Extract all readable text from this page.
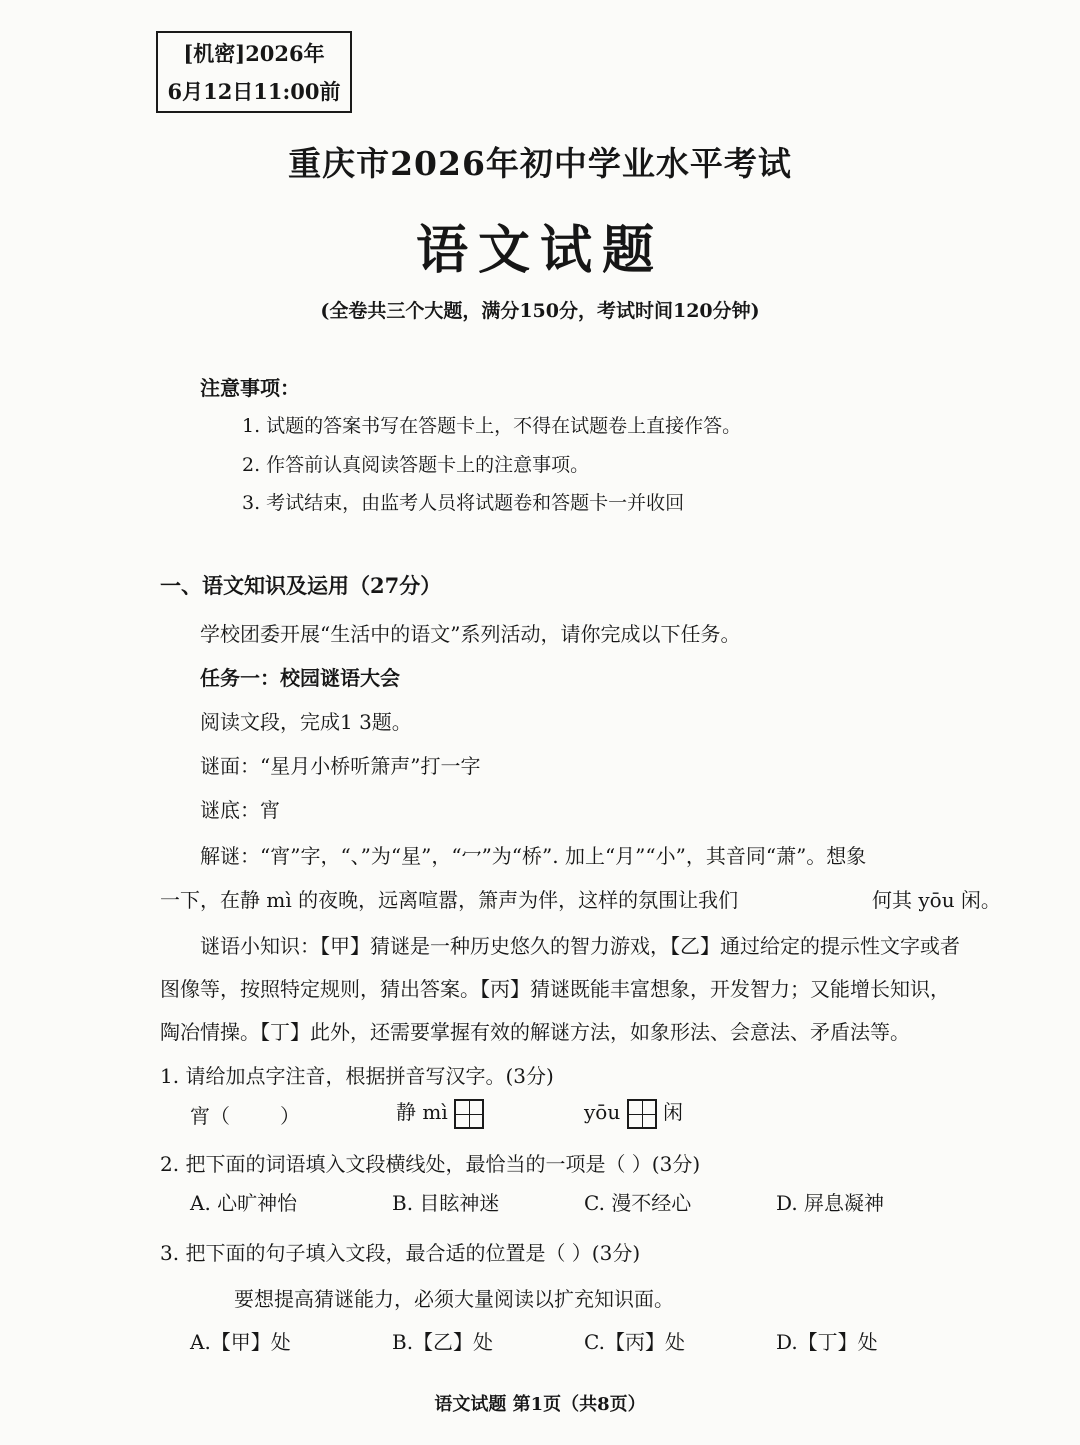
[机密]2026年
6月12日11:00前
重庆市2026年初中学业水平考试
语文试题
(全卷共三个大题，满分150分，考试时间120分钟)
注意事项：
1. 试题的答案书写在答题卡上，不得在试题卷上直接作答。
2. 作答前认真阅读答题卡上的注意事项。
3. 考试结束，由监考人员将试题卷和答题卡一并收回
一、语文知识及运用（27分）
学校团委开展“生活中的语文”系列活动，请你完成以下任务。
任务一：校园谜语大会
阅读文段，完成1 3题。
谜面：“星月小桥听箫声”打一字
谜底：宵
解谜：“宵”字，“、”为“星”，“冖”为“桥”. 加上“月”“小”，其音同“萧”。想象
一下，在静 mì 的夜晚，远离喧嚣，箫声为伴，这样的氛围让我们	何其 yōu 闲。
谜语小知识：【甲】猜谜是一种历史悠久的智力游戏，【乙】通过给定的提示性文字或者
图像等，按照特定规则，猜出答案。【丙】猜谜既能丰富想象，开发智力；又能增长知识，
陶冶情操。【丁】此外，还需要掌握有效的解谜方法，如象形法、会意法、矛盾法等。
1. 请给加点字注音，根据拼音写汉字。(3分)
宵（	）	静 mì	yōu 闲
2. 把下面的词语填入文段横线处，最恰当的一项是（ ）(3分)
A. 心旷神怡	B. 目眩神迷	C. 漫不经心	D. 屏息凝神
3. 把下面的句子填入文段，最合适的位置是（ ）(3分)
要想提高猜谜能力，必须大量阅读以扩充知识面。
A.【甲】处	B.【乙】处	C.【丙】处	D.【丁】处
语文试题 第1页（共8页）
